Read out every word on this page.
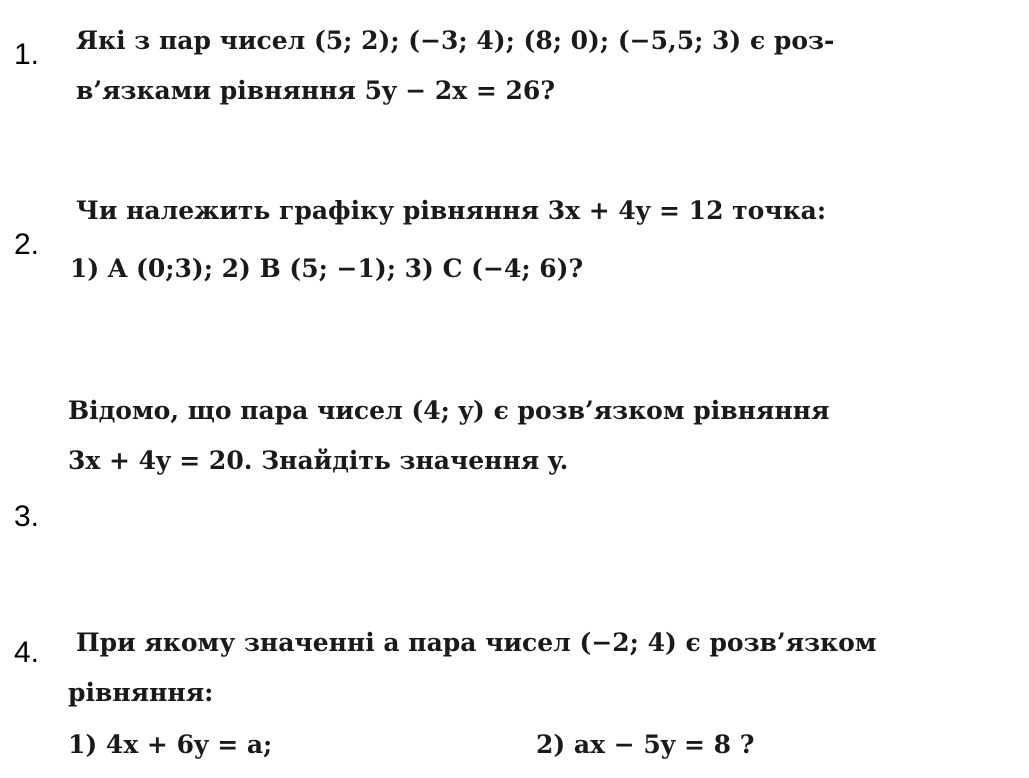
1. Які з пар чисел (5; 2); (−3; 4); (8; 0); (−5,5; 3) є роз-
в’язками рівняння 5y − 2x = 26?
2.
Чи належить графіку рівняння 3x + 4y = 12 точка:
1) A (0;3); 2) B (5; −1); 3) C (−4; 6)?
3.
Відомо, що пара чисел (4; y) є розв’язком рівняння
3x + 4y = 20. Знайдіть значення y.
4. При якому значенні a пара чисел (−2; 4) є розв’язком
рівняння:
1) 4x + 6y = a;	2) ax − 5y = 8 ?
